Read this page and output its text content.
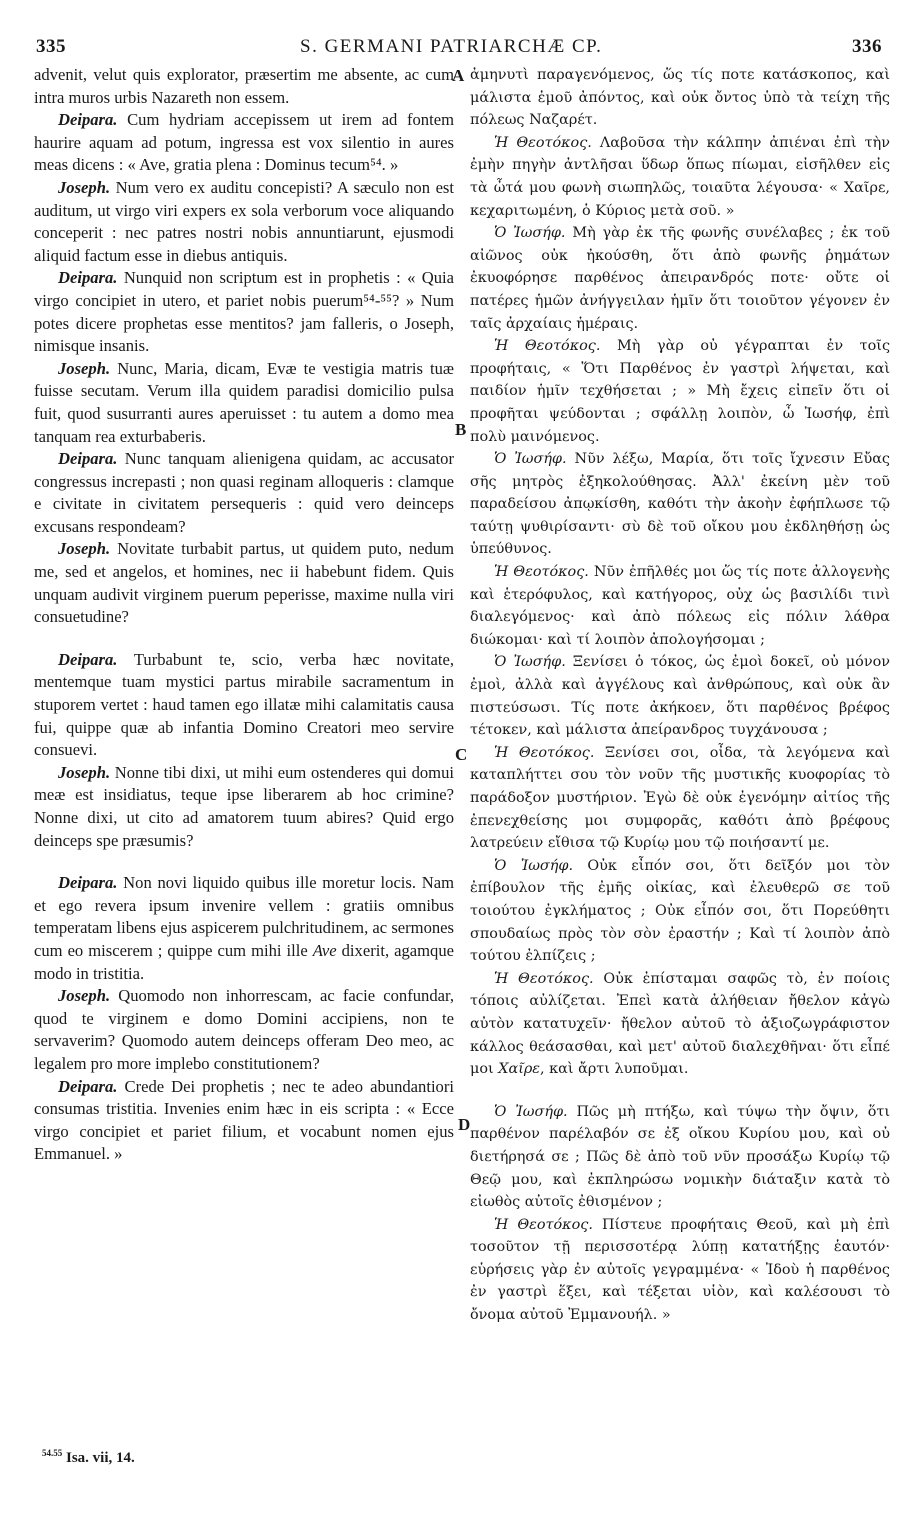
335	S. GERMANI PATRIARCHÆ CP.	336
A
B
C
D

advenit, velut quis explorator, præsertim me absente, ac cum intra muros urbis Nazareth non essem.

Deipara. Cum hydriam accepissem ut irem ad fontem haurire aquam ad potum, ingressa est vox silentio in aures meas dicens : « Ave, gratia plena : Dominus tecum⁵⁴. »

Joseph. Num vero ex auditu concepisti? A sæculo non est auditum, ut virgo viri expers ex sola verborum voce aliquando conceperit : nec patres nostri nobis annuntiarunt, ejusmodi aliquid factum esse in diebus antiquis.

Deipara. Nunquid non scriptum est in prophetis : « Quia virgo concipiet in utero, et pariet nobis puerum⁵⁴-⁵⁵? » Num potes dicere prophetas esse mentitos? jam falleris, o Joseph, nimisque insanis.

Joseph. Nunc, Maria, dicam, Evæ te vestigia matris tuæ fuisse secutam. Verum illa quidem paradisi domicilio pulsa fuit, quod susurranti aures aperuisset : tu autem a domo mea tanquam rea exturbaberis.

Deipara. Nunc tanquam alienigena quidam, ac accusator congressus increpasti ; non quasi reginam alloqueris : clamque e civitate in civitatem persequeris : quid vero deinceps excusans respondeam?

Joseph. Novitate turbabit partus, ut quidem puto, nedum me, sed et angelos, et homines, nec ii habebunt fidem. Quis unquam audivit virginem puerum peperisse, maxime nulla viri consuetudine?

Deipara. Turbabunt te, scio, verba hæc novitate, mentemque tuam mystici partus mirabile sacramentum in stuporem vertet : haud tamen ego illatæ mihi calamitatis causa fui, quippe quæ ab infantia Domino Creatori meo servire consuevi.

Joseph. Nonne tibi dixi, ut mihi eum ostenderes qui domui meæ est insidiatus, teque ipse liberarem ab hoc crimine? Nonne dixi, ut cito ad amatorem tuum abires? Quid ergo deinceps spe præsumis?

Deipara. Non novi liquido quibus ille moretur locis. Nam et ego revera ipsum invenire vellem : gratiis omnibus temperatam libens ejus aspicerem pulchritudinem, ac sermones cum eo miscerem ; quippe cum mihi ille Ave dixerit, agamque modo in tristitia.

Joseph. Quomodo non inhorrescam, ac facie confundar, quod te virginem e domo Domini accipiens, non te servaverim? Quomodo autem deinceps offeram Deo meo, ac legalem pro more implebo constitutionem?

Deipara. Crede Dei prophetis ; nec te adeo abundantiori consumas tristitia. Invenies enim hæc in eis scripta : « Ecce virgo concipiet et pariet filium, et vocabunt nomen ejus Emmanuel. »

ἀμηνυτὶ παραγενόμενος, ὥς τίς ποτε κατάσκοπος, καὶ μάλιστα ἐμοῦ ἀπόντος, καὶ οὐκ ὄντος ὑπὸ τὰ τείχη τῆς πόλεως Ναζαρέτ.

Ἡ Θεοτόκος. Λαβοῦσα τὴν κάλπην ἀπιέναι ἐπὶ τὴν ἐμὴν πηγὴν ἀντλῆσαι ὕδωρ ὅπως πίωμαι, εἰσῆλθεν εἰς τὰ ὦτά μου φωνὴ σιωπηλῶς, τοιαῦτα λέγουσα· « Χαῖρε, κεχαριτωμένη, ὁ Κύριος μετὰ σοῦ. »

Ὁ Ἰωσήφ. Μὴ γὰρ ἐκ τῆς φωνῆς συνέλαβες ; ἐκ τοῦ αἰῶνος οὐκ ἠκούσθη, ὅτι ἀπὸ φωνῆς ῥημάτων ἐκυοφόρησε παρθένος ἀπειρανδρός ποτε· οὔτε οἱ πατέρες ἡμῶν ἀνήγγειλαν ἡμῖν ὅτι τοιοῦτον γέγονεν ἐν ταῖς ἀρχαίαις ἡμέραις.

Ἡ Θεοτόκος. Μὴ γὰρ οὐ γέγραπται ἐν τοῖς προφήταις, « Ὅτι Παρθένος ἐν γαστρὶ λήψεται, καὶ παιδίον ἡμῖν τεχθήσεται ; » Μὴ ἔχεις εἰπεῖν ὅτι οἱ προφῆται ψεύδονται ; σφάλλῃ λοιπὸν, ὦ Ἰωσήφ, ἐπὶ πολὺ μαινόμενος.

Ὁ Ἰωσήφ. Νῦν λέξω, Μαρία, ὅτι τοῖς ἴχνεσιν Εὔας σῆς μητρὸς ἐξηκολούθησας. Ἀλλ' ἐκείνη μὲν τοῦ παραδείσου ἀπῳκίσθη, καθότι τὴν ἀκοὴν ἐφήπλωσε τῷ ταύτῃ ψυθιρίσαντι· σὺ δὲ τοῦ οἴκου μου ἐκδληθήσῃ ὡς ὑπεύθυνος.

Ἡ Θεοτόκος. Νῦν ἐπῆλθές μοι ὥς τίς ποτε ἀλλογενὴς καὶ ἑτερόφυλος, καὶ κατήγορος, οὐχ ὡς βασιλίδι τινὶ διαλεγόμενος· καὶ ἀπὸ πόλεως εἰς πόλιν λάθρα διώκομαι· καὶ τί λοιπὸν ἀπολογήσομαι ;

Ὁ Ἰωσήφ. Ξενίσει ὁ τόκος, ὡς ἐμοὶ δοκεῖ, οὐ μόνον ἐμοὶ, ἀλλὰ καὶ ἀγγέλους καὶ ἀνθρώπους, καὶ οὐκ ἂν πιστεύσωσι. Τίς ποτε ἀκήκοεν, ὅτι παρθένος βρέφος τέτοκεν, καὶ μάλιστα ἀπείρανδρος τυγχάνουσα ;

Ἡ Θεοτόκος. Ξενίσει σοι, οἶδα, τὰ λεγόμενα καὶ καταπλήττει σου τὸν νοῦν τῆς μυστικῆς κυοφορίας τὸ παράδοξον μυστήριον. Ἐγὼ δὲ οὐκ ἐγενόμην αἰτίος τῆς ἐπενεχθείσης μοι συμφορᾶς, καθότι ἀπὸ βρέφους λατρεύειν εἴθισα τῷ Κυρίῳ μου τῷ ποιήσαντί με.

Ὁ Ἰωσήφ. Οὐκ εἶπόν σοι, ὅτι δεῖξόν μοι τὸν ἐπίβουλον τῆς ἐμῆς οἰκίας, καὶ ἐλευθερῶ σε τοῦ τοιούτου ἐγκλήματος ; Οὐκ εἶπόν σοι, ὅτι Πορεύθητι σπουδαίως πρὸς τὸν σὸν ἐραστήν ; Καὶ τί λοιπὸν ἀπὸ τούτου ἐλπίζεις ;

Ἡ Θεοτόκος. Οὐκ ἐπίσταμαι σαφῶς τὸ, ἐν ποίοις τόποις αὐλίζεται. Ἐπεὶ κατὰ ἀλήθειαν ἤθελον κἀγὼ αὐτὸν κατατυχεῖν· ἤθελον αὐτοῦ τὸ ἀξιοζωγράφιστον κάλλος θεάσασθαι, καὶ μετ' αὐτοῦ διαλεχθῆναι· ὅτι εἶπέ μοι Χαῖρε, καὶ ἄρτι λυποῦμαι.

Ὁ Ἰωσήφ. Πῶς μὴ πτήξω, καὶ τύψω τὴν ὄψιν, ὅτι παρθένον παρέλαβόν σε ἐξ οἴκου Κυρίου μου, καὶ οὐ διετήρησά σε ; Πῶς δὲ ἀπὸ τοῦ νῦν προσάξω Κυρίῳ τῷ Θεῷ μου, καὶ ἐκπληρώσω νομικὴν διάταξιν κατὰ τὸ εἰωθὸς αὐτοῖς ἐθισμένον ;

Ἡ Θεοτόκος. Πίστευε προφήταις Θεοῦ, καὶ μὴ ἐπὶ τοσοῦτον τῇ περισσοτέρᾳ λύπῃ κατατήξῃς ἑαυτόν· εὑρήσεις γὰρ ἐν αὐτοῖς γεγραμμένα· « Ἰδοὺ ἡ παρθένος ἐν γαστρὶ ἕξει, καὶ τέξεται υἱὸν, καὶ καλέσουσι τὸ ὄνομα αὐτοῦ Ἐμμανουήλ. »

$^{54.55}$ Isa. vii, 14.
